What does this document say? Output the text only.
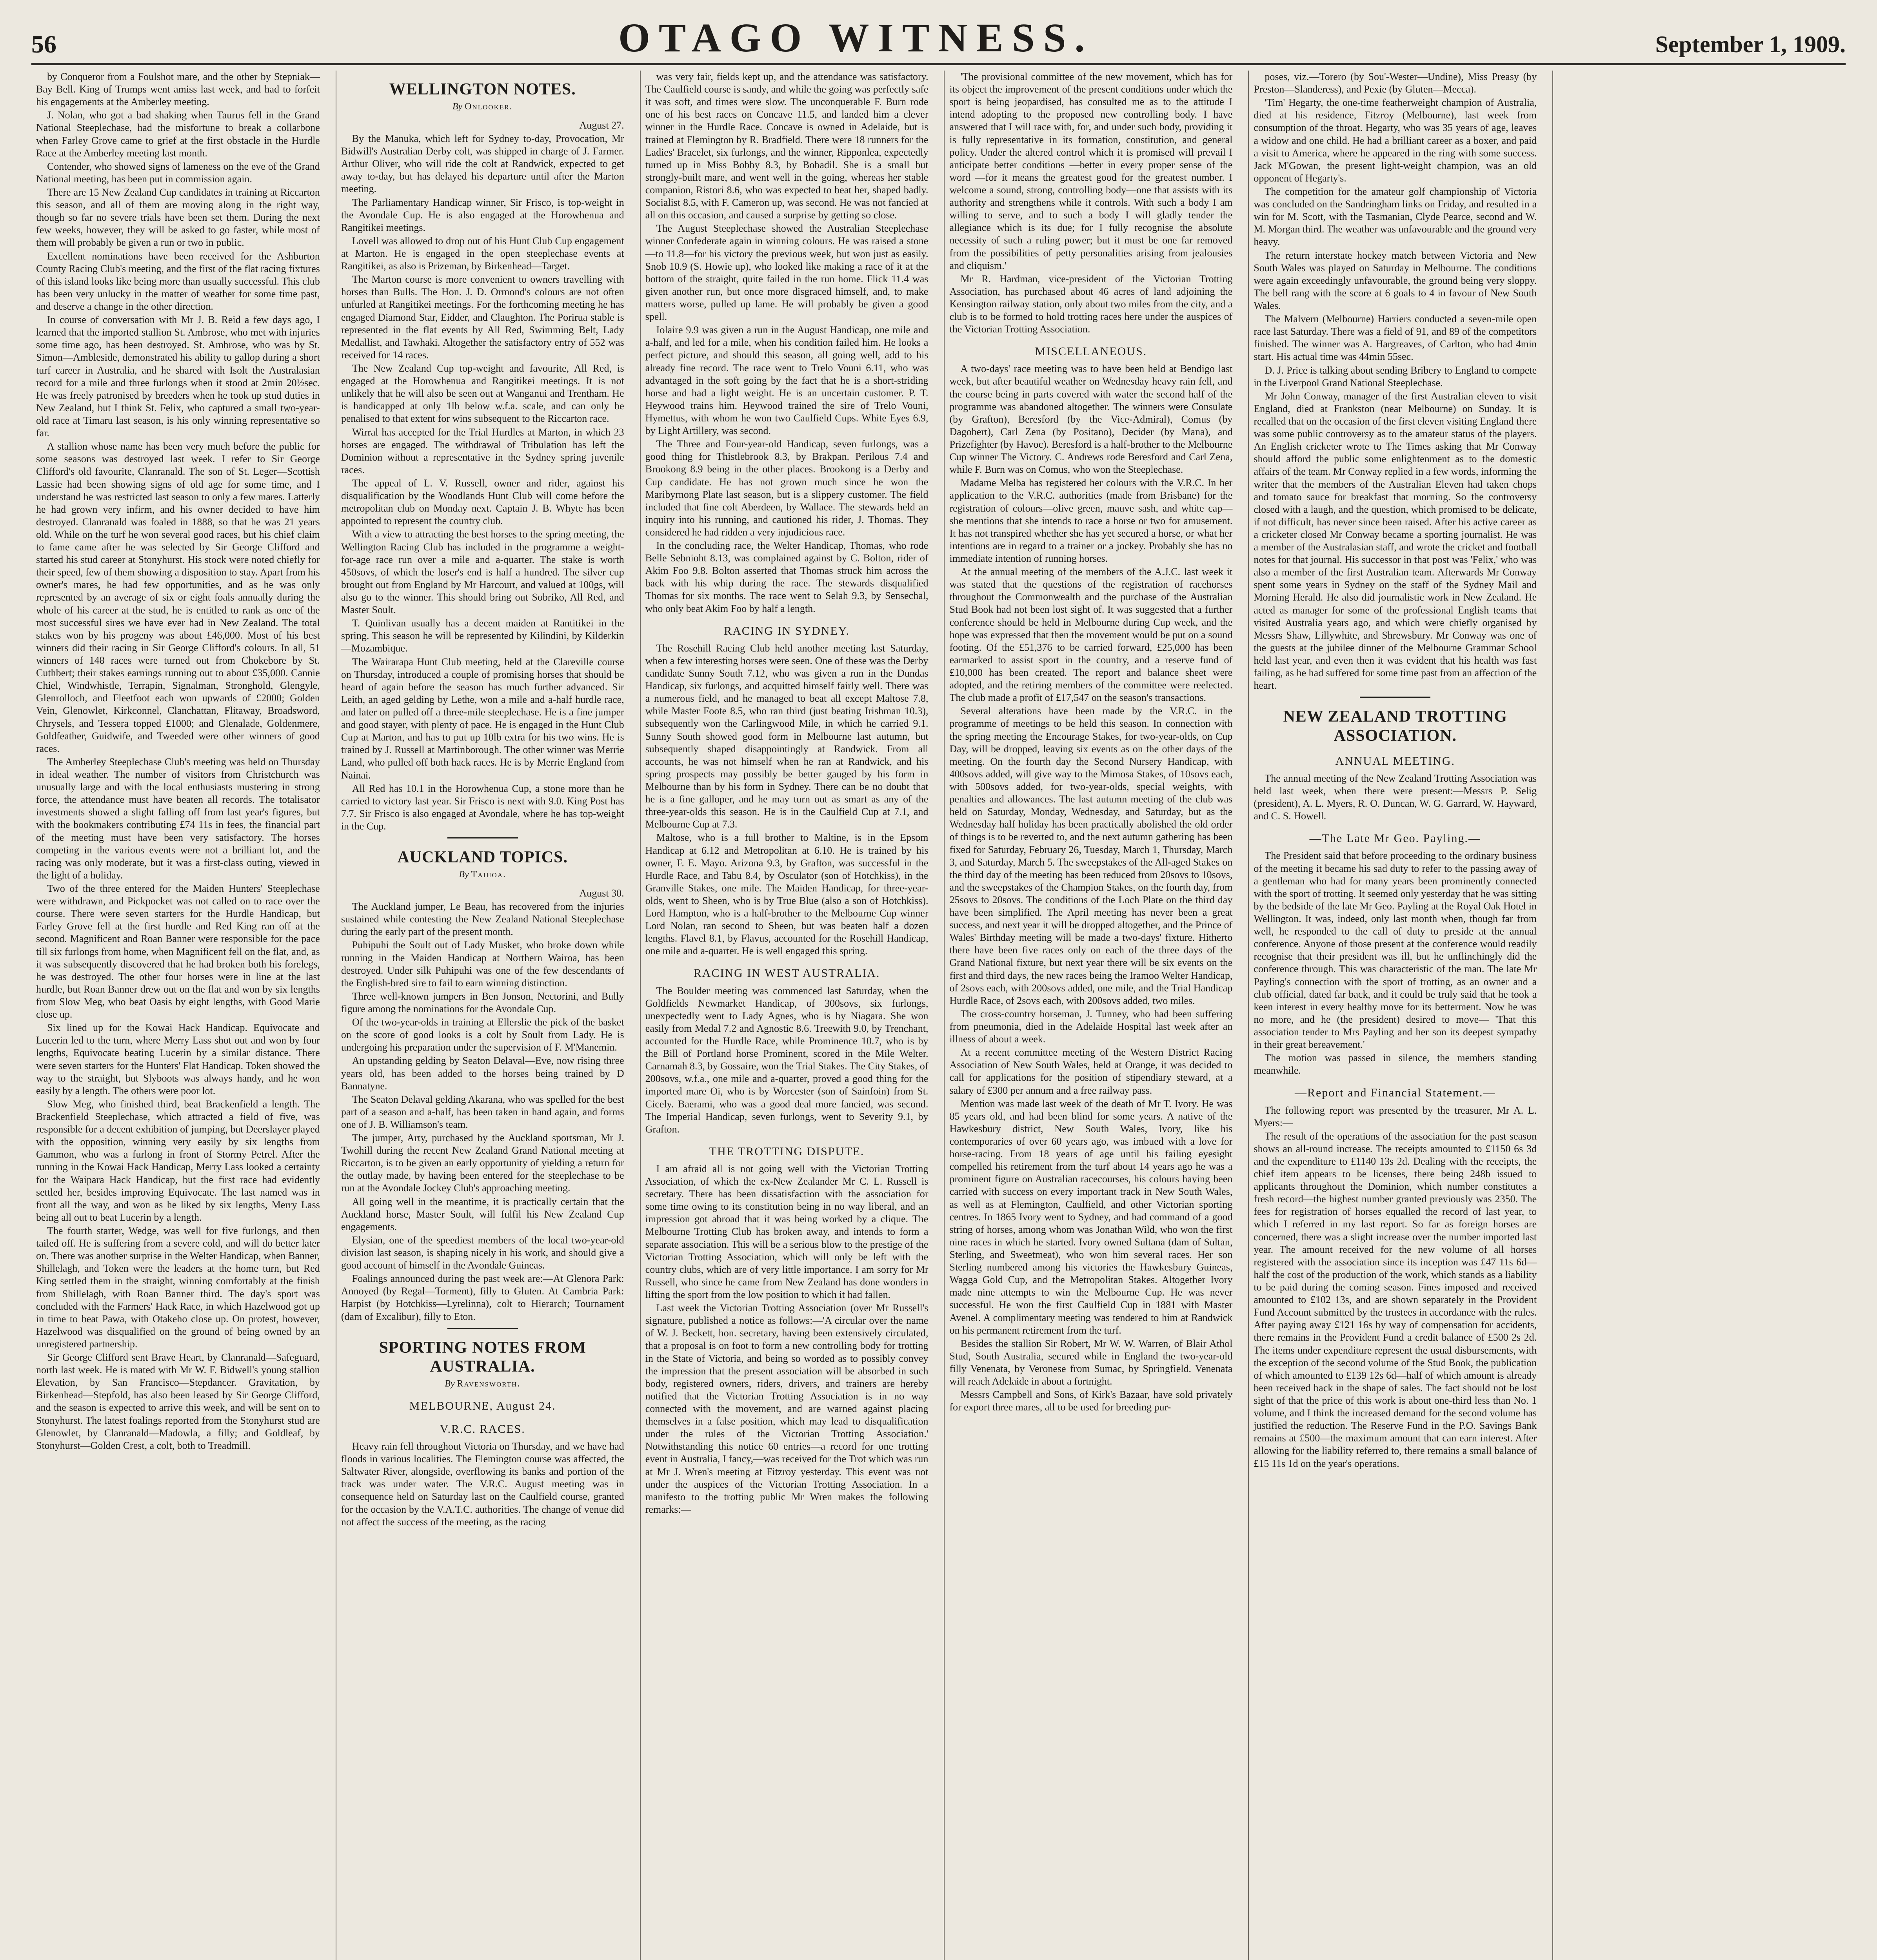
56	OTAGO WITNESS.	September 1, 1909.

by Conqueror from a Foulshot mare, and the other by Stepniak—Bay Bell. King of Trumps went amiss last week, and had to forfeit his engagements at the Amberley meeting.

J. Nolan, who got a bad shaking when Taurus fell in the Grand National Steeplechase, had the misfortune to break a collarbone when Farley Grove came to grief at the first obstacle in the Hurdle Race at the Amberley meeting last month.

Contender, who showed signs of lameness on the eve of the Grand National meeting, has been put in commission again.

There are 15 New Zealand Cup candidates in training at Riccarton this season, and all of them are moving along in the right way, though so far no severe trials have been set them. During the next few weeks, however, they will be asked to go faster, while most of them will probably be given a run or two in public.

Excellent nominations have been received for the Ashburton County Racing Club's meeting, and the first of the flat racing fixtures of this island looks like being more than usually successful. This club has been very unlucky in the matter of weather for some time past, and deserve a change in the other direction.

In course of conversation with Mr J. B. Reid a few days ago, I learned that the imported stallion St. Ambrose, who met with injuries some time ago, has been destroyed. St. Ambrose, who was by St. Simon—Ambleside, demonstrated his ability to gallop during a short turf career in Australia, and he shared with Isolt the Australasian record for a mile and three furlongs when it stood at 2min 20½sec. He was freely patronised by breeders when he took up stud duties in New Zealand, but I think St. Felix, who captured a small two-year-old race at Timaru last season, is his only winning representative so far.

A stallion whose name has been very much before the public for some seasons was destroyed last week. I refer to Sir George Clifford's old favourite, Clanranald. The son of St. Leger—Scottish Lassie had been showing signs of old age for some time, and I understand he was restricted last season to only a few mares. Latterly he had grown very infirm, and his owner decided to have him destroyed. Clanranald was foaled in 1888, so that he was 21 years old. While on the turf he won several good races, but his chief claim to fame came after he was selected by Sir George Clifford and started his stud career at Stonyhurst. His stock were noted chiefly for their speed, few of them showing a disposition to stay. Apart from his owner's mares, he had few opportunities, and as he was only represented by an average of six or eight foals annually during the whole of his career at the stud, he is entitled to rank as one of the most successful sires we have ever had in New Zealand. The total stakes won by his progeny was about £46,000. Most of his best winners did their racing in Sir George Clifford's colours. In all, 51 winners of 148 races were turned out from Chokebore by St. Cuthbert; their stakes earnings running out to about £35,000. Cannie Chiel, Windwhistle, Terrapin, Signalman, Stronghold, Glengyle, Glenrolloch, and Fleetfoot each won upwards of £2000; Golden Vein, Glenowlet, Kirkconnel, Clanchattan, Flitaway, Broadsword, Chrysels, and Tessera topped £1000; and Glenalade, Goldenmere, Goldfeather, Guidwife, and Tweeded were other winners of good races.

The Amberley Steeplechase Club's meeting was held on Thursday in ideal weather. The number of visitors from Christchurch was unusually large and with the local enthusiasts mustering in strong force, the attendance must have beaten all records. The totalisator investments showed a slight falling off from last year's figures, but with the bookmakers contributing £74 11s in fees, the financial part of the meeting must have been very satisfactory. The horses competing in the various events were not a brilliant lot, and the racing was only moderate, but it was a first-class outing, viewed in the light of a holiday.

Two of the three entered for the Maiden Hunters' Steeplechase were withdrawn, and Pickpocket was not called on to race over the course. There were seven starters for the Hurdle Handicap, but Farley Grove fell at the first hurdle and Red King ran off at the second. Magnificent and Roan Banner were responsible for the pace till six furlongs from home, when Magnificent fell on the flat, and, as it was subsequently discovered that he had broken both his forelegs, he was destroyed. The other four horses were in line at the last hurdle, but Roan Banner drew out on the flat and won by six lengths from Slow Meg, who beat Oasis by eight lengths, with Good Marie close up.

Six lined up for the Kowai Hack Handicap. Equivocate and Lucerin led to the turn, where Merry Lass shot out and won by four lengths, Equivocate beating Lucerin by a similar distance. There were seven starters for the Hunters' Flat Handicap. Token showed the way to the straight, but Slyboots was always handy, and he won easily by a length. The others were poor lot.

Slow Meg, who finished third, beat Brackenfield a length. The Brackenfield Steeplechase, which attracted a field of five, was responsible for a decent exhibition of jumping, but Deerslayer played with the opposition, winning very easily by six lengths from Gammon, who was a furlong in front of Stormy Petrel. After the running in the Kowai Hack Handicap, Merry Lass looked a certainty for the Waipara Hack Handicap, but the first race had evidently settled her, besides improving Equivocate. The last named was in front all the way, and won as he liked by six lengths, Merry Lass being all out to beat Lucerin by a length.

The fourth starter, Wedge, was well for five furlongs, and then tailed off. He is suffering from a severe cold, and will do better later on. There was another surprise in the Welter Handicap, when Banner, Shillelagh, and Token were the leaders at the home turn, but Red King settled them in the straight, winning comfortably at the finish from Shillelagh, with Roan Banner third. The day's sport was concluded with the Farmers' Hack Race, in which Hazelwood got up in time to beat Pawa, with Otakeho close up. On protest, however, Hazelwood was disqualified on the ground of being owned by an unregistered partnership.

Sir George Clifford sent Brave Heart, by Clanranald—Safeguard, north last week. He is mated with Mr W. F. Bidwell's young stallion Elevation, by San Francisco—Stepdancer. Gravitation, by Birkenhead—Stepfold, has also been leased by Sir George Clifford, and the season is expected to arrive this week, and will be sent on to Stonyhurst. The latest foalings reported from the Stonyhurst stud are Glenowlet, by Clanranald—Madowla, a filly; and Goldleaf, by Stonyhurst—Golden Crest, a colt, both to Treadmill.

WELLINGTON NOTES.
By Onlooker.
August 27.

By the Manuka, which left for Sydney to-day, Provocation, Mr Bidwill's Australian Derby colt, was shipped in charge of J. Farmer. Arthur Oliver, who will ride the colt at Randwick, expected to get away to-day, but has delayed his departure until after the Marton meeting.

The Parliamentary Handicap winner, Sir Frisco, is top-weight in the Avondale Cup. He is also engaged at the Horowhenua and Rangitikei meetings.

Lovell was allowed to drop out of his Hunt Club Cup engagement at Marton. He is engaged in the open steeplechase events at Rangitikei, as also is Prizeman, by Birkenhead—Target.

The Marton course is more convenient to owners travelling with horses than Bulls. The Hon. J. D. Ormond's colours are not often unfurled at Rangitikei meetings. For the forthcoming meeting he has engaged Diamond Star, Eidder, and Claughton. The Porirua stable is represented in the flat events by All Red, Swimming Belt, Lady Medallist, and Tawhaki. Altogether the satisfactory entry of 552 was received for 14 races.

The New Zealand Cup top-weight and favourite, All Red, is engaged at the Horowhenua and Rangitikei meetings. It is not unlikely that he will also be seen out at Wanganui and Trentham. He is handicapped at only 1lb below w.f.a. scale, and can only be penalised to that extent for wins subsequent to the Riccarton race.

Wirral has accepted for the Trial Hurdles at Marton, in which 23 horses are engaged. The withdrawal of Tribulation has left the Dominion without a representative in the Sydney spring juvenile races.

The appeal of L. V. Russell, owner and rider, against his disqualification by the Woodlands Hunt Club will come before the metropolitan club on Monday next. Captain J. B. Whyte has been appointed to represent the country club.

With a view to attracting the best horses to the spring meeting, the Wellington Racing Club has included in the programme a weight-for-age race run over a mile and a-quarter. The stake is worth 450sovs, of which the loser's end is half a hundred. The silver cup brought out from England by Mr Harcourt, and valued at 100gs, will also go to the winner. This should bring out Sobriko, All Red, and Master Soult.

T. Quinlivan usually has a decent maiden at Rantitikei in the spring. This season he will be represented by Kilindini, by Kilderkin—Mozambique.

The Wairarapa Hunt Club meeting, held at the Clareville course on Thursday, introduced a couple of promising horses that should be heard of again before the season has much further advanced. Sir Leith, an aged gelding by Lethe, won a mile and a-half hurdle race, and later on pulled off a three-mile steeplechase. He is a fine jumper and good stayer, with plenty of pace. He is engaged in the Hunt Club Cup at Marton, and has to put up 10lb extra for his two wins. He is trained by J. Russell at Martinborough. The other winner was Merrie Land, who pulled off both hack races. He is by Merrie England from Nainai.

All Red has 10.1 in the Horowhenua Cup, a stone more than he carried to victory last year. Sir Frisco is next with 9.0. King Post has 7.7. Sir Frisco is also engaged at Avondale, where he has top-weight in the Cup.

AUCKLAND TOPICS.
By Taihoa.
August 30.

The Auckland jumper, Le Beau, has recovered from the injuries sustained while contesting the New Zealand National Steeplechase during the early part of the present month.

Puhipuhi the Soult out of Lady Musket, who broke down while running in the Maiden Handicap at Northern Wairoa, has been destroyed. Under silk Puhipuhi was one of the few descendants of the English-bred sire to fail to earn winning distinction.

Three well-known jumpers in Ben Jonson, Nectorini, and Bully figure among the nominations for the Avondale Cup.

Of the two-year-olds in training at Ellerslie the pick of the basket on the score of good looks is a colt by Soult from Lady. He is undergoing his preparation under the supervision of F. M'Manemin.

An upstanding gelding by Seaton Delaval—Eve, now rising three years old, has been added to the horses being trained by D Bannatyne.

The Seaton Delaval gelding Akarana, who was spelled for the best part of a season and a-half, has been taken in hand again, and forms one of J. B. Williamson's team.

The jumper, Arty, purchased by the Auckland sportsman, Mr J. Twohill during the recent New Zealand Grand National meeting at Riccarton, is to be given an early opportunity of yielding a return for the outlay made, by having been entered for the steeplechase to be run at the Avondale Jockey Club's approaching meeting.

All going well in the meantime, it is practically certain that the Auckland horse, Master Soult, will fulfil his New Zealand Cup engagements.

Elysian, one of the speediest members of the local two-year-old division last season, is shaping nicely in his work, and should give a good account of himself in the Avondale Guineas.

Foalings announced during the past week are:—At Glenora Park: Annoyed (by Regal—Torment), filly to Gluten. At Cambria Park: Harpist (by Hotchkiss—Lyrelinna), colt to Hierarch; Tournament (dam of Excalibur), filly to Eton.

SPORTING NOTES FROM AUSTRALIA.
By Ravensworth.
MELBOURNE, August 24.
V.R.C. RACES.

Heavy rain fell throughout Victoria on Thursday, and we have had floods in various localities. The Flemington course was affected, the Saltwater River, alongside, overflowing its banks and portion of the track was under water. The V.R.C. August meeting was in consequence held on Saturday last on the Caulfield course, granted for the occasion by the V.A.T.C. authorities. The change of venue did not affect the success of the meeting, as the racing

was very fair, fields kept up, and the attendance was satisfactory. The Caulfield course is sandy, and while the going was perfectly safe it was soft, and times were slow. The unconquerable F. Burn rode one of his best races on Concave 11.5, and landed him a clever winner in the Hurdle Race. Concave is owned in Adelaide, but is trained at Flemington by R. Bradfield. There were 18 runners for the Ladies' Bracelet, six furlongs, and the winner, Ripponlea, expectedly turned up in Miss Bobby 8.3, by Bobadil. She is a small but strongly-built mare, and went well in the going, whereas her stable companion, Ristori 8.6, who was expected to beat her, shaped badly. Socialist 8.5, with F. Cameron up, was second. He was not fancied at all on this occasion, and caused a surprise by getting so close.

The August Steeplechase showed the Australian Steeplechase winner Confederate again in winning colours. He was raised a stone—to 11.8—for his victory the previous week, but won just as easily. Snob 10.9 (S. Howie up), who looked like making a race of it at the bottom of the straight, quite failed in the run home. Flick 11.4 was given another run, but once more disgraced himself, and, to make matters worse, pulled up lame. He will probably be given a good spell.

Iolaire 9.9 was given a run in the August Handicap, one mile and a-half, and led for a mile, when his condition failed him. He looks a perfect picture, and should this season, all going well, add to his already fine record. The race went to Trelo Vouni 6.11, who was advantaged in the soft going by the fact that he is a short-striding horse and had a light weight. He is an uncertain customer. P. T. Heywood trains him. Heywood trained the sire of Trelo Vouni, Hymettus, with whom he won two Caulfield Cups. White Eyes 6.9, by Light Artillery, was second.

The Three and Four-year-old Handicap, seven furlongs, was a good thing for Thistlebrook 8.3, by Brakpan. Perilous 7.4 and Brookong 8.9 being in the other places. Brookong is a Derby and Cup candidate. He has not grown much since he won the Maribyrnong Plate last season, but is a slippery customer. The field included that fine colt Aberdeen, by Wallace. The stewards held an inquiry into his running, and cautioned his rider, J. Thomas. They considered he had ridden a very injudicious race.

In the concluding race, the Welter Handicap, Thomas, who rode Belle Sebnioht 8.13, was complained against by C. Bolton, rider of Akim Foo 9.8. Bolton asserted that Thomas struck him across the back with his whip during the race. The stewards disqualified Thomas for six months. The race went to Selah 9.3, by Sensechal, who only beat Akim Foo by half a length.

RACING IN SYDNEY.

The Rosehill Racing Club held another meeting last Saturday, when a few interesting horses were seen. One of these was the Derby candidate Sunny South 7.12, who was given a run in the Dundas Handicap, six furlongs, and acquitted himself fairly well. There was a numerous field, and he managed to beat all except Maltose 7.8, while Master Foote 8.5, who ran third (just beating Irishman 10.3), subsequently won the Carlingwood Mile, in which he carried 9.1. Sunny South showed good form in Melbourne last autumn, but subsequently shaped disappointingly at Randwick. From all accounts, he was not himself when he ran at Randwick, and his spring prospects may possibly be better gauged by his form in Melbourne than by his form in Sydney. There can be no doubt that he is a fine galloper, and he may turn out as smart as any of the three-year-olds this season. He is in the Caulfield Cup at 7.1, and Melbourne Cup at 7.3.

Maltose, who is a full brother to Maltine, is in the Epsom Handicap at 6.12 and Metropolitan at 6.10. He is trained by his owner, F. E. Mayo. Arizona 9.3, by Grafton, was successful in the Hurdle Race, and Tabu 8.4, by Osculator (son of Hotchkiss), in the Granville Stakes, one mile. The Maiden Handicap, for three-year-olds, went to Sheen, who is by True Blue (also a son of Hotchkiss). Lord Hampton, who is a half-brother to the Melbourne Cup winner Lord Nolan, ran second to Sheen, but was beaten half a dozen lengths. Flavel 8.1, by Flavus, accounted for the Rosehill Handicap, one mile and a-quarter. He is well engaged this spring.

RACING IN WEST AUSTRALIA.

The Boulder meeting was commenced last Saturday, when the Goldfields Newmarket Handicap, of 300sovs, six furlongs, unexpectedly went to Lady Agnes, who is by Niagara. She won easily from Medal 7.2 and Agnostic 8.6. Treewith 9.0, by Trenchant, accounted for the Hurdle Race, while Prominence 10.7, who is by the Bill of Portland horse Prominent, scored in the Mile Welter. Carnamah 8.3, by Gossaire, won the Trial Stakes. The City Stakes, of 200sovs, w.f.a., one mile and a-quarter, proved a good thing for the imported mare Oi, who is by Worcester (son of Sainfoin) from St. Cicely. Baerami, who was a good deal more fancied, was second. The Imperial Handicap, seven furlongs, went to Severity 9.1, by Grafton.

THE TROTTING DISPUTE.

I am afraid all is not going well with the Victorian Trotting Association, of which the ex-New Zealander Mr C. L. Russell is secretary. There has been dissatisfaction with the association for some time owing to its constitution being in no way liberal, and an impression got abroad that it was being worked by a clique. The Melbourne Trotting Club has broken away, and intends to form a separate association. This will be a serious blow to the prestige of the Victorian Trotting Association, which will only be left with the country clubs, which are of very little importance. I am sorry for Mr Russell, who since he came from New Zealand has done wonders in lifting the sport from the low position to which it had fallen.

Last week the Victorian Trotting Association (over Mr Russell's signature, published a notice as follows:—'A circular over the name of W. J. Beckett, hon. secretary, having been extensively circulated, that a proposal is on foot to form a new controlling body for trotting in the State of Victoria, and being so worded as to possibly convey the impression that the present association will be absorbed in such body, registered owners, riders, drivers, and trainers are hereby notified that the Victorian Trotting Association is in no way connected with the movement, and are warned against placing themselves in a false position, which may lead to disqualification under the rules of the Victorian Trotting Association.' Notwithstanding this notice 60 entries—a record for one trotting event in Australia, I fancy,—was received for the Trot which was run at Mr J. Wren's meeting at Fitzroy yesterday. This event was not under the auspices of the Victorian Trotting Association. In a manifesto to the trotting public Mr Wren makes the following remarks:—

'The provisional committee of the new movement, which has for its object the improvement of the present conditions under which the sport is being jeopardised, has consulted me as to the attitude I intend adopting to the proposed new controlling body. I have answered that I will race with, for, and under such body, providing it is fully representative in its formation, constitution, and general policy. Under the altered control which it is promised will prevail I anticipate better conditions —better in every proper sense of the word —for it means the greatest good for the greatest number. I welcome a sound, strong, controlling body—one that assists with its authority and strengthens while it controls. With such a body I am willing to serve, and to such a body I will gladly tender the allegiance which is its due; for I fully recognise the absolute necessity of such a ruling power; but it must be one far removed from the possibilities of petty personalities arising from jealousies and cliquism.'

Mr R. Hardman, vice-president of the Victorian Trotting Association, has purchased about 46 acres of land adjoining the Kensington railway station, only about two miles from the city, and a club is to be formed to hold trotting races here under the auspices of the Victorian Trotting Association.

MISCELLANEOUS.

A two-days' race meeting was to have been held at Bendigo last week, but after beautiful weather on Wednesday heavy rain fell, and the course being in parts covered with water the second half of the programme was abandoned altogether. The winners were Consulate (by Grafton), Beresford (by the Vice-Admiral), Comus (by Dagobert), Carl Zena (by Positano), Decider (by Mana), and Prizefighter (by Havoc). Beresford is a half-brother to the Melbourne Cup winner The Victory. C. Andrews rode Beresford and Carl Zena, while F. Burn was on Comus, who won the Steeplechase.

Madame Melba has registered her colours with the V.R.C. In her application to the V.R.C. authorities (made from Brisbane) for the registration of colours—olive green, mauve sash, and white cap—she mentions that she intends to race a horse or two for amusement. It has not transpired whether she has yet secured a horse, or what her intentions are in regard to a trainer or a jockey. Probably she has no immediate intention of running horses.

At the annual meeting of the members of the A.J.C. last week it was stated that the questions of the registration of racehorses throughout the Commonwealth and the purchase of the Australian Stud Book had not been lost sight of. It was suggested that a further conference should be held in Melbourne during Cup week, and the hope was expressed that then the movement would be put on a sound footing. Of the £51,376 to be carried forward, £25,000 has been earmarked to assist sport in the country, and a reserve fund of £10,000 has been created. The report and balance sheet were adopted, and the retiring members of the committee were reelected. The club made a profit of £17,547 on the season's transactions.

Several alterations have been made by the V.R.C. in the programme of meetings to be held this season. In connection with the spring meeting the Encourage Stakes, for two-year-olds, on Cup Day, will be dropped, leaving six events as on the other days of the meeting. On the fourth day the Second Nursery Handicap, with 400sovs added, will give way to the Mimosa Stakes, of 10sovs each, with 500sovs added, for two-year-olds, special weights, with penalties and allowances. The last autumn meeting of the club was held on Saturday, Monday, Wednesday, and Saturday, but as the Wednesday half holiday has been practically abolished the old order of things is to be reverted to, and the next autumn gathering has been fixed for Saturday, February 26, Tuesday, March 1, Thursday, March 3, and Saturday, March 5. The sweepstakes of the All-aged Stakes on the third day of the meeting has been reduced from 20sovs to 10sovs, and the sweepstakes of the Champion Stakes, on the fourth day, from 25sovs to 20sovs. The conditions of the Loch Plate on the third day have been simplified. The April meeting has never been a great success, and next year it will be dropped altogether, and the Prince of Wales' Birthday meeting will be made a two-days' fixture. Hitherto there have been five races only on each of the three days of the Grand National fixture, but next year there will be six events on the first and third days, the new races being the Iramoo Welter Handicap, of 2sovs each, with 200sovs added, one mile, and the Trial Handicap Hurdle Race, of 2sovs each, with 200sovs added, two miles.

The cross-country horseman, J. Tunney, who had been suffering from pneumonia, died in the Adelaide Hospital last week after an illness of about a week.

At a recent committee meeting of the Western District Racing Association of New South Wales, held at Orange, it was decided to call for applications for the position of stipendiary steward, at a salary of £300 per annum and a free railway pass.

Mention was made last week of the death of Mr T. Ivory. He was 85 years old, and had been blind for some years. A native of the Hawkesbury district, New South Wales, Ivory, like his contemporaries of over 60 years ago, was imbued with a love for horse-racing. From 18 years of age until his failing eyesight compelled his retirement from the turf about 14 years ago he was a prominent figure on Australian racecourses, his colours having been carried with success on every important track in New South Wales, as well as at Flemington, Caulfield, and other Victorian sporting centres. In 1865 Ivory went to Sydney, and had command of a good string of horses, among whom was Jonathan Wild, who won the first nine races in which he started. Ivory owned Sultana (dam of Sultan, Sterling, and Sweetmeat), who won him several races. Her son Sterling numbered among his victories the Hawkesbury Guineas, Wagga Gold Cup, and the Metropolitan Stakes. Altogether Ivory made nine attempts to win the Melbourne Cup. He was never successful. He won the first Caulfield Cup in 1881 with Master Avenel. A complimentary meeting was tendered to him at Randwick on his permanent retirement from the turf.

Besides the stallion Sir Robert, Mr W. W. Warren, of Blair Athol Stud, South Australia, secured while in England the two-year-old filly Venenata, by Veronese from Sumac, by Springfield. Venenata will reach Adelaide in about a fortnight.

Messrs Campbell and Sons, of Kirk's Bazaar, have sold privately for export three mares, all to be used for breeding pur-

poses, viz.—Torero (by Sou'-Wester—Undine), Miss Preasy (by Preston—Slanderess), and Pexie (by Gluten—Mecca).

'Tim' Hegarty, the one-time featherweight champion of Australia, died at his residence, Fitzroy (Melbourne), last week from consumption of the throat. Hegarty, who was 35 years of age, leaves a widow and one child. He had a brilliant career as a boxer, and paid a visit to America, where he appeared in the ring with some success. Jack M'Gowan, the present light-weight champion, was an old opponent of Hegarty's.

The competition for the amateur golf championship of Victoria was concluded on the Sandringham links on Friday, and resulted in a win for M. Scott, with the Tasmanian, Clyde Pearce, second and W. M. Morgan third. The weather was unfavourable and the ground very heavy.

The return interstate hockey match between Victoria and New South Wales was played on Saturday in Melbourne. The conditions were again exceedingly unfavourable, the ground being very sloppy. The bell rang with the score at 6 goals to 4 in favour of New South Wales.

The Malvern (Melbourne) Harriers conducted a seven-mile open race last Saturday. There was a field of 91, and 89 of the competitors finished. The winner was A. Hargreaves, of Carlton, who had 4min start. His actual time was 44min 55sec.

D. J. Price is talking about sending Bribery to England to compete in the Liverpool Grand National Steeplechase.

Mr John Conway, manager of the first Australian eleven to visit England, died at Frankston (near Melbourne) on Sunday. It is recalled that on the occasion of the first eleven visiting England there was some public controversy as to the amateur status of the players. An English cricketer wrote to The Times asking that Mr Conway should afford the public some enlightenment as to the domestic affairs of the team. Mr Conway replied in a few words, informing the writer that the members of the Australian Eleven had taken chops and tomato sauce for breakfast that morning. So the controversy closed with a laugh, and the question, which promised to be delicate, if not difficult, has never since been raised. After his active career as a cricketer closed Mr Conway became a sporting journalist. He was a member of the Australasian staff, and wrote the cricket and football notes for that journal. His successor in that post was 'Felix,' who was also a member of the first Australian team. Afterwards Mr Conway spent some years in Sydney on the staff of the Sydney Mail and Morning Herald. He also did journalistic work in New Zealand. He acted as manager for some of the professional English teams that visited Australia years ago, and which were chiefly organised by Messrs Shaw, Lillywhite, and Shrewsbury. Mr Conway was one of the guests at the jubilee dinner of the Melbourne Grammar School held last year, and even then it was evident that his health was fast failing, as he had suffered for some time past from an affection of the heart.

NEW ZEALAND TROTTING ASSOCIATION.
ANNUAL MEETING.

The annual meeting of the New Zealand Trotting Association was held last week, when there were present:—Messrs P. Selig (president), A. L. Myers, R. O. Duncan, W. G. Garrard, W. Hayward, and C. S. Howell.

—The Late Mr Geo. Payling.—

The President said that before proceeding to the ordinary business of the meeting it became his sad duty to refer to the passing away of a gentleman who had for many years been prominently connected with the sport of trotting. It seemed only yesterday that he was sitting by the bedside of the late Mr Geo. Payling at the Royal Oak Hotel in Wellington. It was, indeed, only last month when, though far from well, he responded to the call of duty to preside at the annual conference. Anyone of those present at the conference would readily recognise that their president was ill, but he unflinchingly did the conference through. This was characteristic of the man. The late Mr Payling's connection with the sport of trotting, as an owner and a club official, dated far back, and it could be truly said that he took a keen interest in every healthy move for its betterment. Now he was no more, and he (the president) desired to move— 'That this association tender to Mrs Payling and her son its deepest sympathy in their great bereavement.'

The motion was passed in silence, the members standing meanwhile.

—Report and Financial Statement.—

The following report was presented by the treasurer, Mr A. L. Myers:—

The result of the operations of the association for the past season shows an all-round increase. The receipts amounted to £1150 6s 3d and the expenditure to £1140 13s 2d. Dealing with the receipts, the chief item appears to be licenses, there being 248b issued to applicants throughout the Dominion, which number constitutes a fresh record—the highest number granted previously was 2350. The fees for registration of horses equalled the record of last year, to which I referred in my last report. So far as foreign horses are concerned, there was a slight increase over the number imported last year. The amount received for the new volume of all horses registered with the association since its inception was £47 11s 6d—half the cost of the production of the work, which stands as a liability to be paid during the coming season. Fines imposed and received amounted to £102 13s, and are shown separately in the Provident Fund Account submitted by the trustees in accordance with the rules. After paying away £121 16s by way of compensation for accidents, there remains in the Provident Fund a credit balance of £500 2s 2d. The items under expenditure represent the usual disbursements, with the exception of the second volume of the Stud Book, the publication of which amounted to £139 12s 6d—half of which amount is already been received back in the shape of sales. The fact should not be lost sight of that the price of this work is about one-third less than No. 1 volume, and I think the increased demand for the second volume has justified the reduction. The Reserve Fund in the P.O. Savings Bank remains at £500—the maximum amount that can earn interest. After allowing for the liability referred to, there remains a small balance of £15 11s 1d on the year's operations.
